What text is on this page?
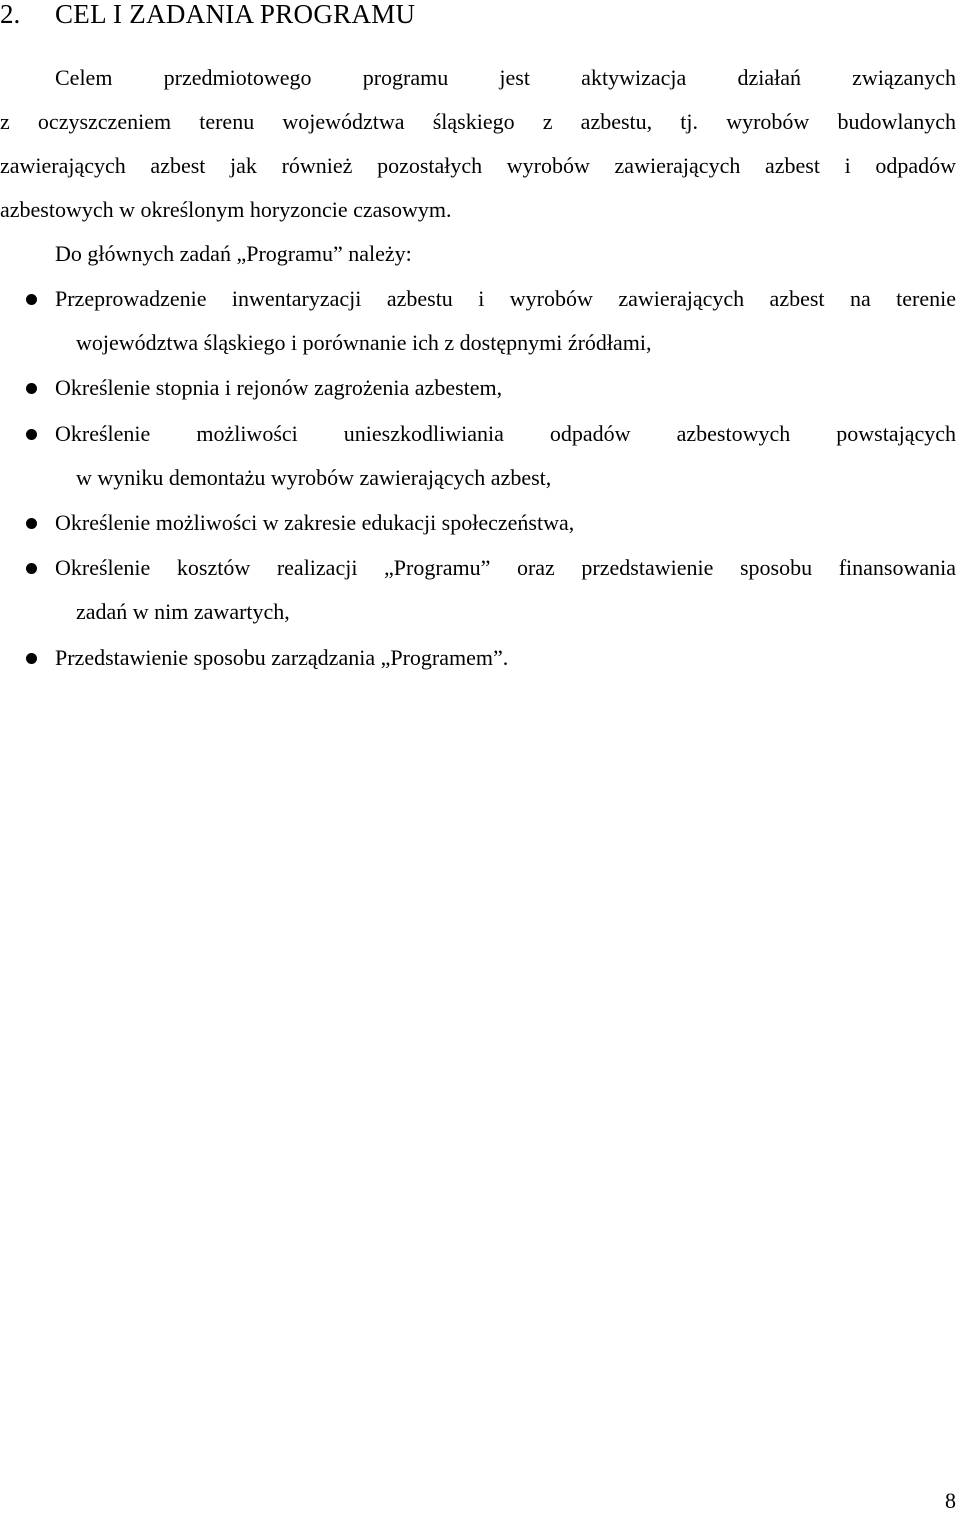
2. CEL I ZADANIA PROGRAMU
Celem przedmiotowego programu jest aktywizacja działań związanych
z oczyszczeniem terenu województwa śląskiego z azbestu, tj. wyrobów budowlanych
zawierających azbest jak również pozostałych wyrobów zawierających azbest i odpadów
azbestowych w określonym horyzoncie czasowym.
Do głównych zadań „Programu” należy:
Przeprowadzenie inwentaryzacji azbestu i wyrobów zawierających azbest na terenie
województwa śląskiego i porównanie ich z dostępnymi źródłami,
Określenie stopnia i rejonów zagrożenia azbestem,
Określenie możliwości unieszkodliwiania odpadów azbestowych powstających
w wyniku demontażu wyrobów zawierających azbest,
Określenie możliwości w zakresie edukacji społeczeństwa,
Określenie kosztów realizacji „Programu” oraz przedstawienie sposobu finansowania
zadań w nim zawartych,
Przedstawienie sposobu zarządzania „Programem”.
8
